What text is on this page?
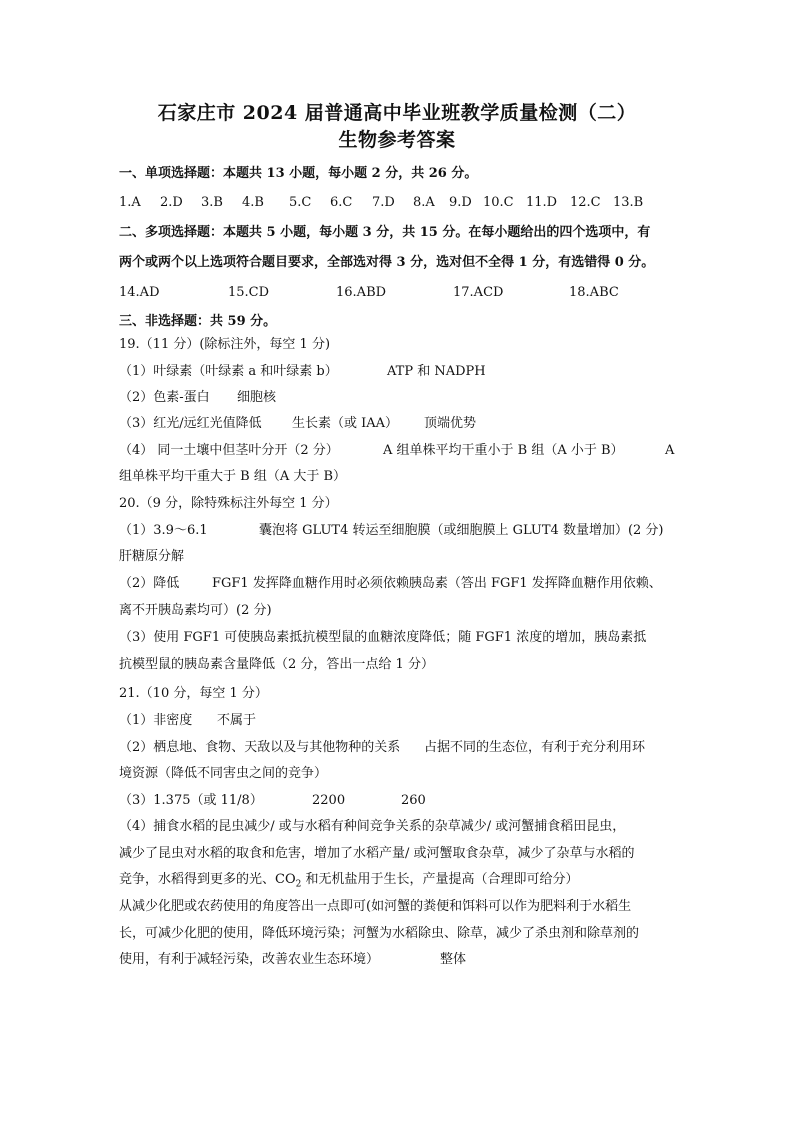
石家庄市 2024 届普通高中毕业班教学质量检测（二）
生物参考答案
一、单项选择题：本题共 13 小题，每小题 2 分，共 26 分。
1.A 2.D 3.B 4.B 5.C 6.C 7.D 8.A 9.D 10.C 11.D 12.C 13.B
二、多项选择题：本题共 5 小题，每小题 3 分，共 15 分。在每小题给出的四个选项中，有
两个或两个以上选项符合题目要求，全部选对得 3 分，选对但不全得 1 分，有选错得 0 分。
14.AD	15.CD	16.ABD	17.ACD	18.ABC
三、非选择题：共 59 分。
19.（11 分）(除标注外，每空 1 分)
（1）叶绿素（叶绿素 a 和叶绿素 b）	ATP 和 NADPH
（2）色素-蛋白 细胞核
（3）红光/远红光值降低 生长素（或 IAA） 顶端优势
（4） 同一土壤中但茎叶分开（2 分）	A 组单株平均干重小于 B 组（A 小于 B）	A
组单株平均干重大于 B 组（A 大于 B）
20.（9 分，除特殊标注外每空 1 分）
（1）3.9～6.1	囊泡将 GLUT4 转运至细胞膜（或细胞膜上 GLUT4 数量增加）(2 分)
肝糖原分解
（2）降低	FGF1 发挥降血糖作用时必须依赖胰岛素（答出 FGF1 发挥降血糖作用依赖、
离不开胰岛素均可）(2 分)
（3）使用 FGF1 可使胰岛素抵抗模型鼠的血糖浓度降低；随 FGF1 浓度的增加，胰岛素抵
抗模型鼠的胰岛素含量降低（2 分，答出一点给 1 分）
21.（10 分，每空 1 分）
（1）非密度 不属于
（2）栖息地、食物、天敌以及与其他物种的关系 占据不同的生态位，有利于充分利用环
境资源（降低不同害虫之间的竞争）
（3）1.375（或 11/8）	2200	260
（4）捕食水稻的昆虫减少/ 或与水稻有种间竞争关系的杂草减少/ 或河蟹捕食稻田昆虫，
减少了昆虫对水稻的取食和危害，增加了水稻产量/ 或河蟹取食杂草，减少了杂草与水稻的
竞争，水稻得到更多的光、$CO_2$ 和无机盐用于生长，产量提高（合理即可给分）
从减少化肥或农药使用的角度答出一点即可(如河蟹的粪便和饵料可以作为肥料利于水稻生
长，可减少化肥的使用，降低环境污染；河蟹为水稻除虫、除草，减少了杀虫剂和除草剂的
使用，有利于减轻污染，改善农业生态环境）	整体
